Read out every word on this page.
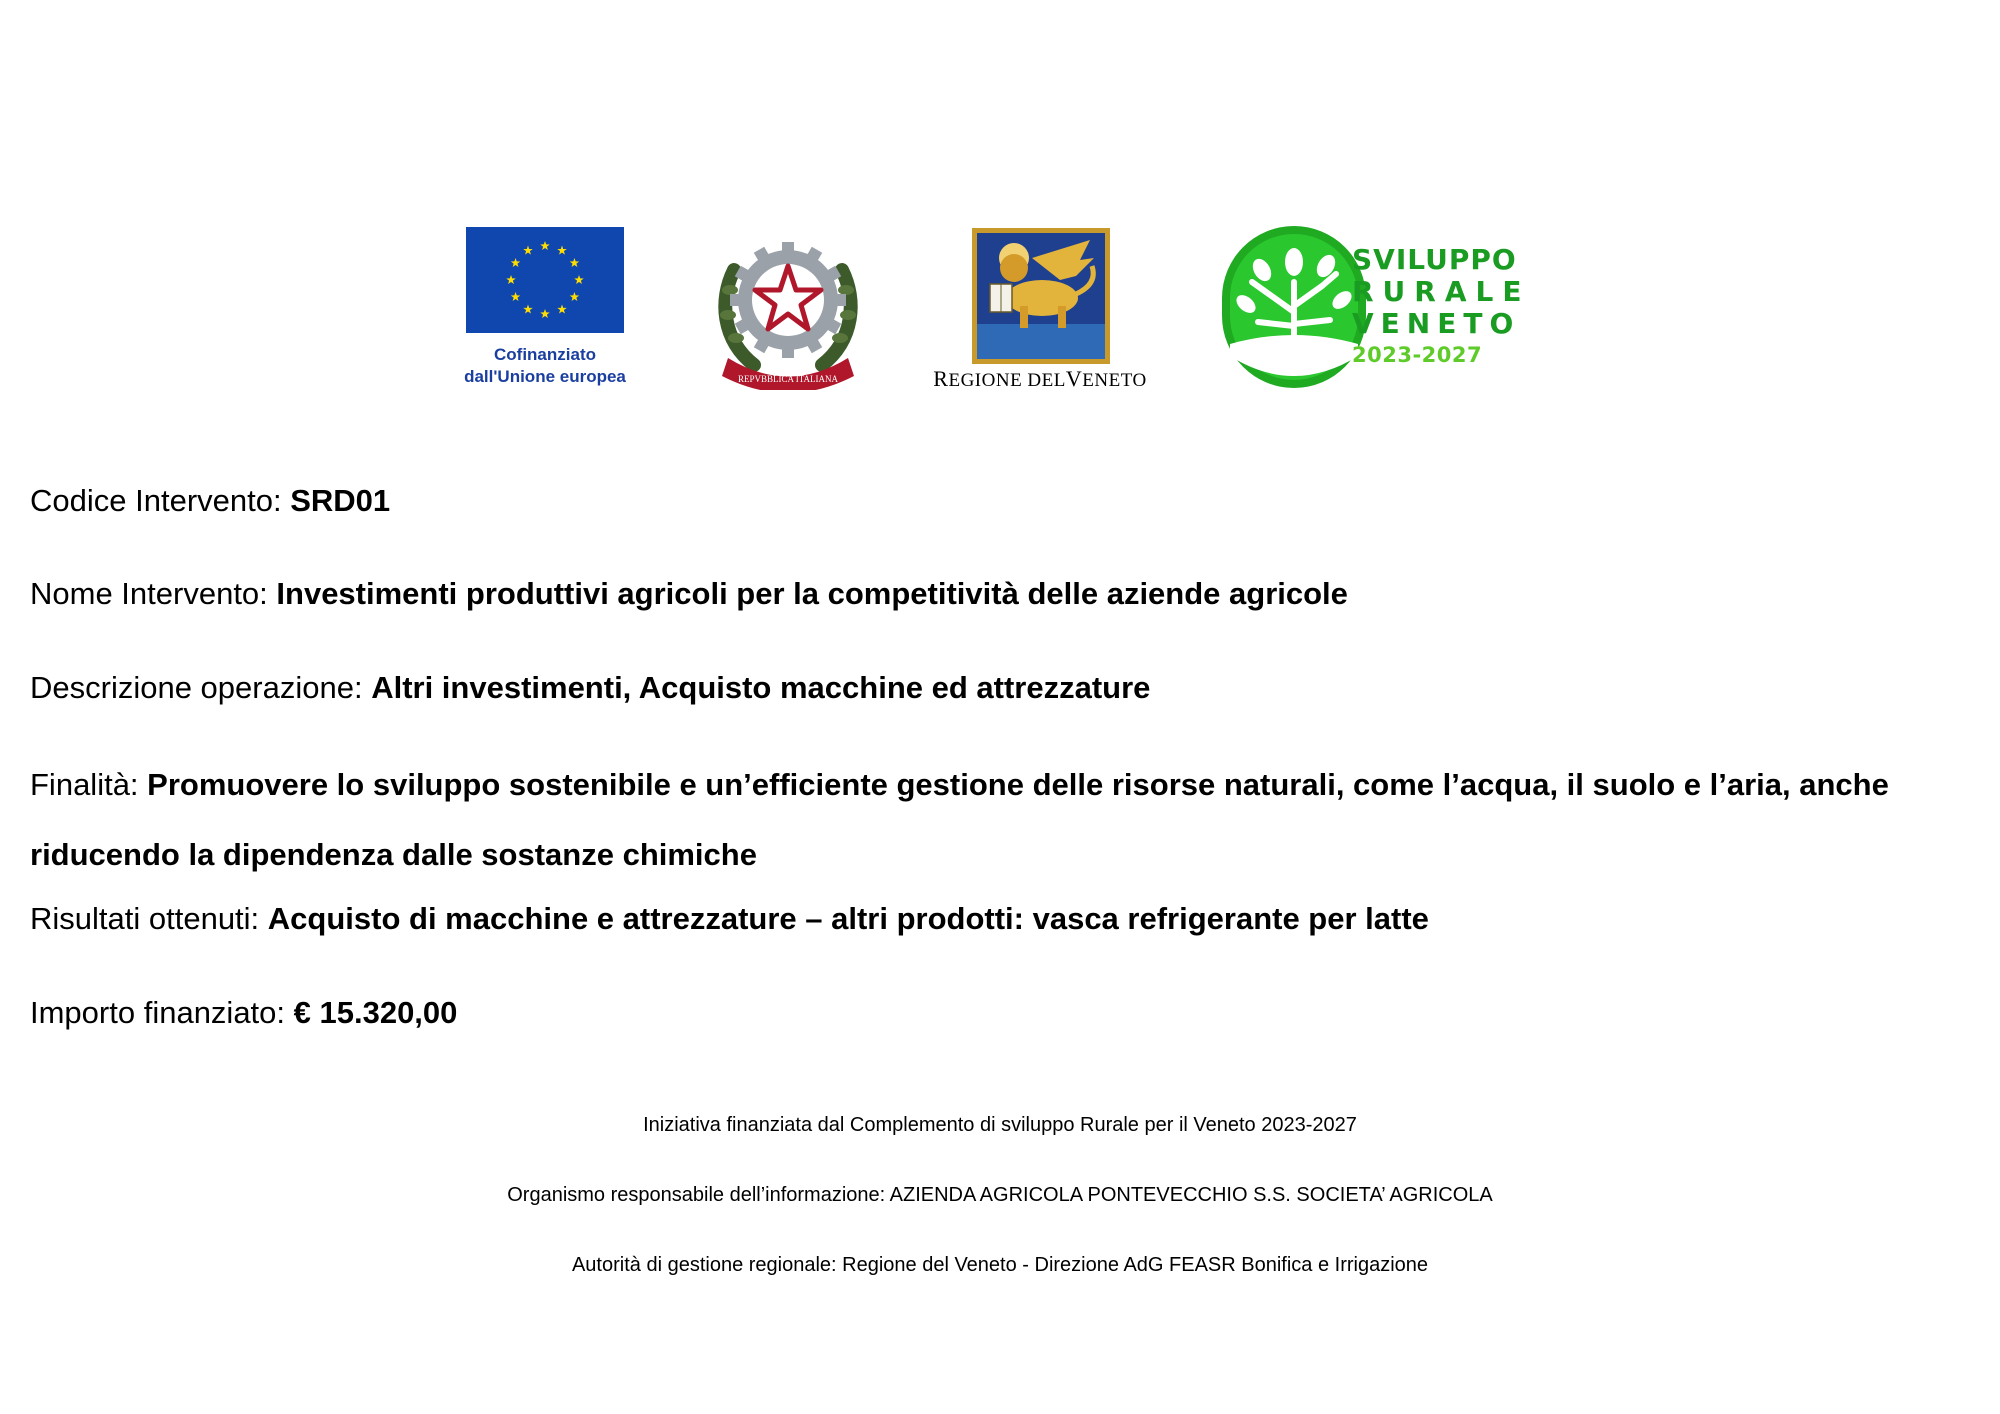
Cofinanziato
dall'Unione europea	REPVBBLICA ITALIANA	REGIONE DELVENETO
SVILUPPO
RURALE
VENETO
2023-2027
Codice Intervento: SRD01
Nome Intervento: Investimenti produttivi agricoli per la competitività delle aziende agricole
Descrizione operazione: Altri investimenti, Acquisto macchine ed attrezzature
Finalità: Promuovere lo sviluppo sostenibile e un’efficiente gestione delle risorse naturali, come l’acqua, il suolo e l’aria, anche riducendo la dipendenza dalle sostanze chimiche
Risultati ottenuti: Acquisto di macchine e attrezzature – altri prodotti: vasca refrigerante per latte
Importo finanziato: € 15.320,00
Iniziativa finanziata dal Complemento di sviluppo Rurale per il Veneto 2023-2027
Organismo responsabile dell’informazione: AZIENDA AGRICOLA PONTEVECCHIO S.S. SOCIETA’ AGRICOLA
Autorità di gestione regionale: Regione del Veneto - Direzione AdG FEASR Bonifica e Irrigazione
